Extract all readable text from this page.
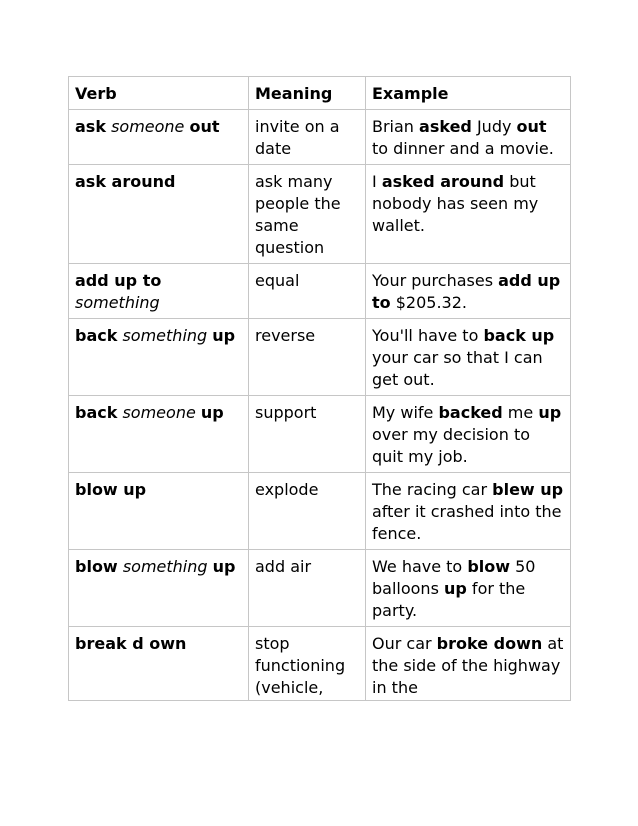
Verb	Meaning	Example
ask someone out	invite on a date	Brian asked Judy out to dinner and a movie.
ask around	ask many people the same question	I asked around but nobody has seen my wallet.
add up to something	equal	Your purchases add up to $205.32.
back something up	reverse	You'll have to back up your car so that I can get out.
back someone up	support	My wife backed me up over my decision to quit my job.
blow up	explode	The racing car blew up after it crashed into the fence.
blow something up	add air	We have to blow 50 balloons up for the party.

break d own	stop functioning (vehicle,	Our car broke down at the side of the highway in the
